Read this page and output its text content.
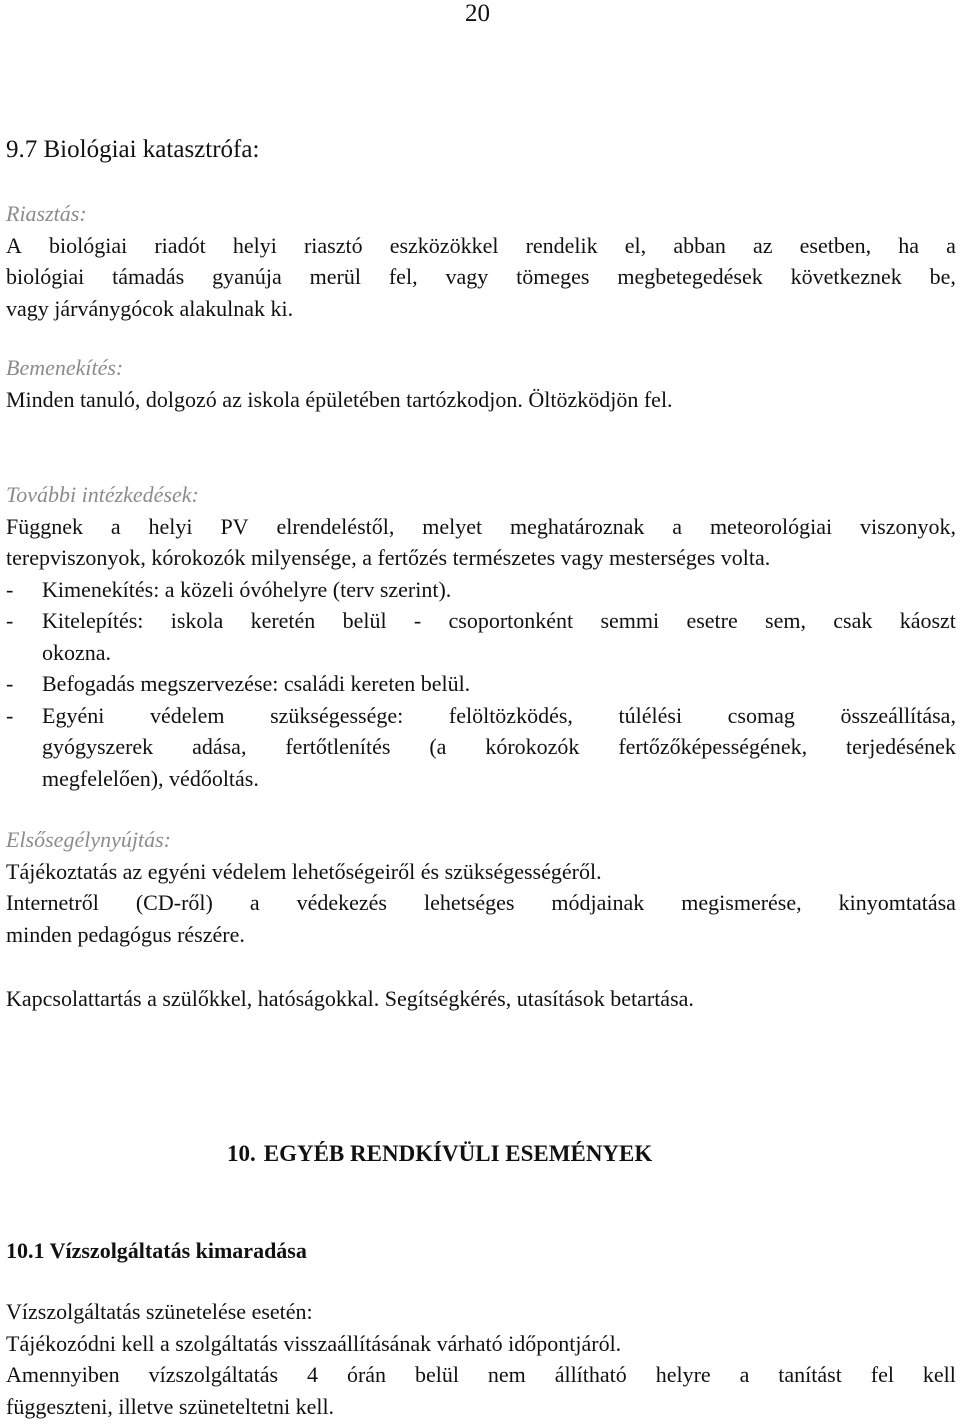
20
9.7 Biológiai katasztrófa:
Riasztás:
A biológiai riadót helyi riasztó eszközökkel rendelik el, abban az esetben, ha a
biológiai támadás gyanúja merül fel, vagy tömeges megbetegedések következnek be,
vagy járványgócok alakulnak ki.
Bemenekítés:
Minden tanuló, dolgozó az iskola épületében tartózkodjon. Öltözködjön fel.
További intézkedések:
Függnek a helyi PV elrendeléstől, melyet meghatároznak a meteorológiai viszonyok,
terepviszonyok, kórokozók milyensége, a fertőzés természetes vagy mesterséges volta.
- Kimenekítés: a közeli óvóhelyre (terv szerint).
- Kitelepítés: iskola keretén belül - csoportonként semmi esetre sem, csak káoszt
okozna.
- Befogadás megszervezése: családi kereten belül.
- Egyéni védelem szükségessége: felöltözködés, túlélési csomag összeállítása,
gyógyszerek adása, fertőtlenítés (a kórokozók fertőzőképességének, terjedésének
megfelelően), védőoltás.
Elsősegélynyújtás:
Tájékoztatás az egyéni védelem lehetőségeiről és szükségességéről.
Internetről (CD-ről) a védekezés lehetséges módjainak megismerése, kinyomtatása
minden pedagógus részére.
Kapcsolattartás a szülőkkel, hatóságokkal. Segítségkérés, utasítások betartása.
10. EGYÉB RENDKÍVÜLI ESEMÉNYEK
10.1 Vízszolgáltatás kimaradása
Vízszolgáltatás szünetelése esetén:
Tájékozódni kell a szolgáltatás visszaállításának várható időpontjáról.
Amennyiben vízszolgáltatás 4 órán belül nem állítható helyre a tanítást fel kell
függeszteni, illetve szüneteltetni kell.
